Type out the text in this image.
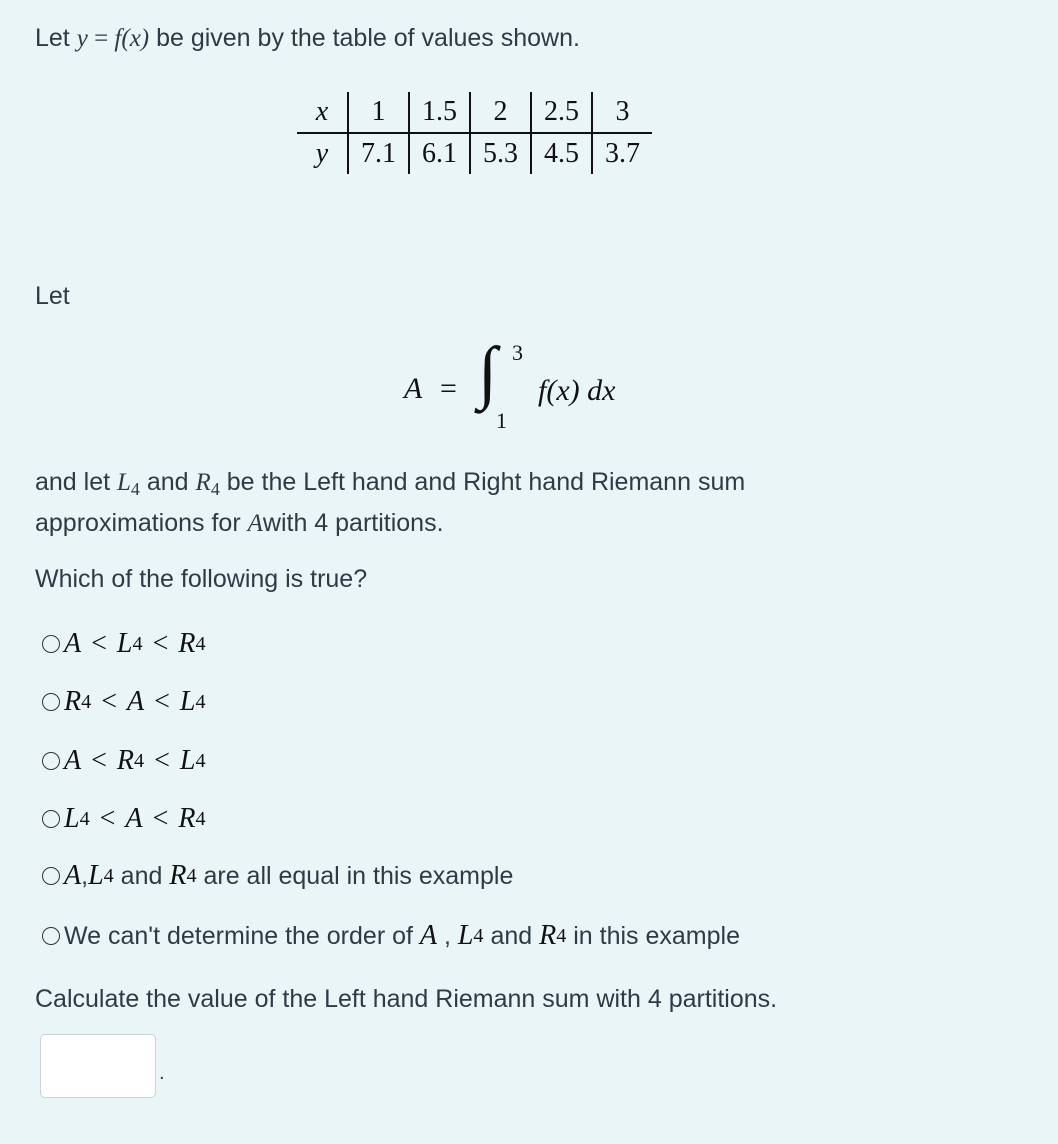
Let y = f(x) be given by the table of values shown.
x	1	1.5	2	2.5	3
y	7.1	6.1	5.3	4.5	3.7
Let
A = ∫ 3
1
f(x) dx
and let $L_4$ and $R_4$ be the Left hand and Right hand Riemann sum
approximations for Awith 4 partitions.
Which of the following is true?
A < L 4 < R 4
R 4 < A < L 4
A < R 4 < L 4
L 4 < A < R 4
A , L 4 and R 4 are all equal in this example
We can't determine the order of A , L 4 and R 4 in this example
Calculate the value of the Left hand Riemann sum with 4 partitions.
.
